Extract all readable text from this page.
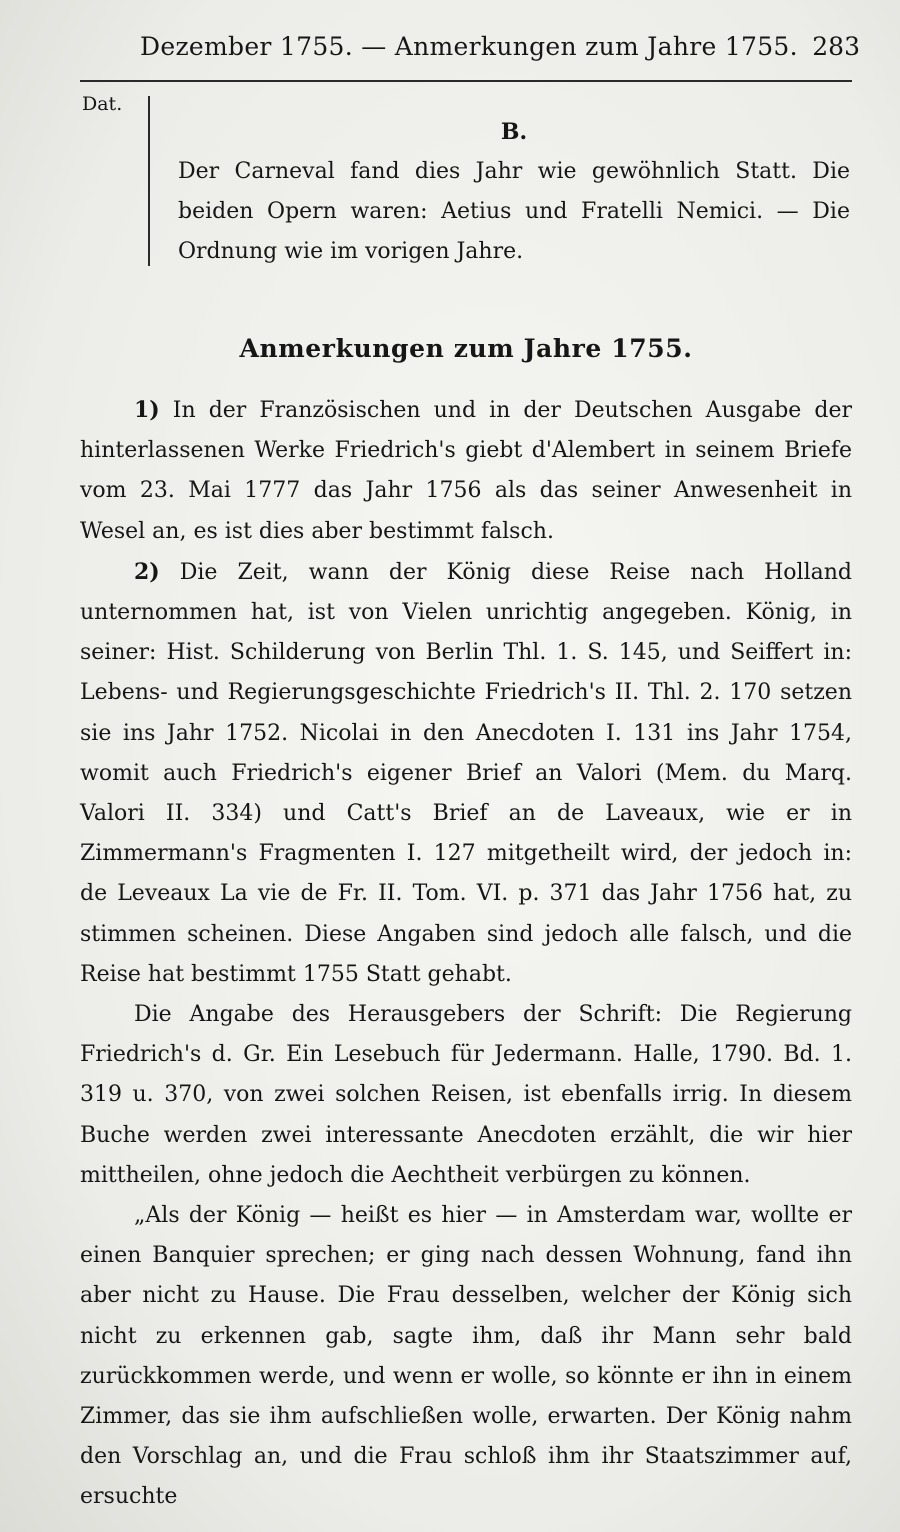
Dezember 1755. — Anmerkungen zum Jahre 1755. 283
Dat.
B.

Der Carneval fand dies Jahr wie gewöhnlich Statt. Die beiden Opern waren: Aetius und Fratelli Nemici. — Die Ordnung wie im vorigen Jahre.

Anmerkungen zum Jahre 1755.

1) In der Französischen und in der Deutschen Ausgabe der hinterlassenen Werke Friedrich's giebt d'Alembert in seinem Briefe vom 23. Mai 1777 das Jahr 1756 als das seiner Anwesenheit in Wesel an, es ist dies aber bestimmt falsch.

2) Die Zeit, wann der König diese Reise nach Holland unternommen hat, ist von Vielen unrichtig angegeben. König, in seiner: Hist. Schilderung von Berlin Thl. 1. S. 145, und Seiffert in: Lebens- und Regierungsgeschichte Friedrich's II. Thl. 2. 170 setzen sie ins Jahr 1752. Nicolai in den Anecdoten I. 131 ins Jahr 1754, womit auch Friedrich's eigener Brief an Valori (Mem. du Marq. Valori II. 334) und Catt's Brief an de Laveaux, wie er in Zimmermann's Fragmenten I. 127 mitgetheilt wird, der jedoch in: de Leveaux La vie de Fr. II. Tom. VI. p. 371 das Jahr 1756 hat, zu stimmen scheinen. Diese Angaben sind jedoch alle falsch, und die Reise hat bestimmt 1755 Statt gehabt.

Die Angabe des Herausgebers der Schrift: Die Regierung Friedrich's d. Gr. Ein Lesebuch für Jedermann. Halle, 1790. Bd. 1. 319 u. 370, von zwei solchen Reisen, ist ebenfalls irrig. In diesem Buche werden zwei interessante Anecdoten erzählt, die wir hier mittheilen, ohne jedoch die Aechtheit verbürgen zu können.

„Als der König — heißt es hier — in Amsterdam war, wollte er einen Banquier sprechen; er ging nach dessen Wohnung, fand ihn aber nicht zu Hause. Die Frau desselben, welcher der König sich nicht zu erkennen gab, sagte ihm, daß ihr Mann sehr bald zurückkommen werde, und wenn er wolle, so könnte er ihn in einem Zimmer, das sie ihm aufschließen wolle, erwarten. Der König nahm den Vorschlag an, und die Frau schloß ihm ihr Staatszimmer auf, ersuchte
